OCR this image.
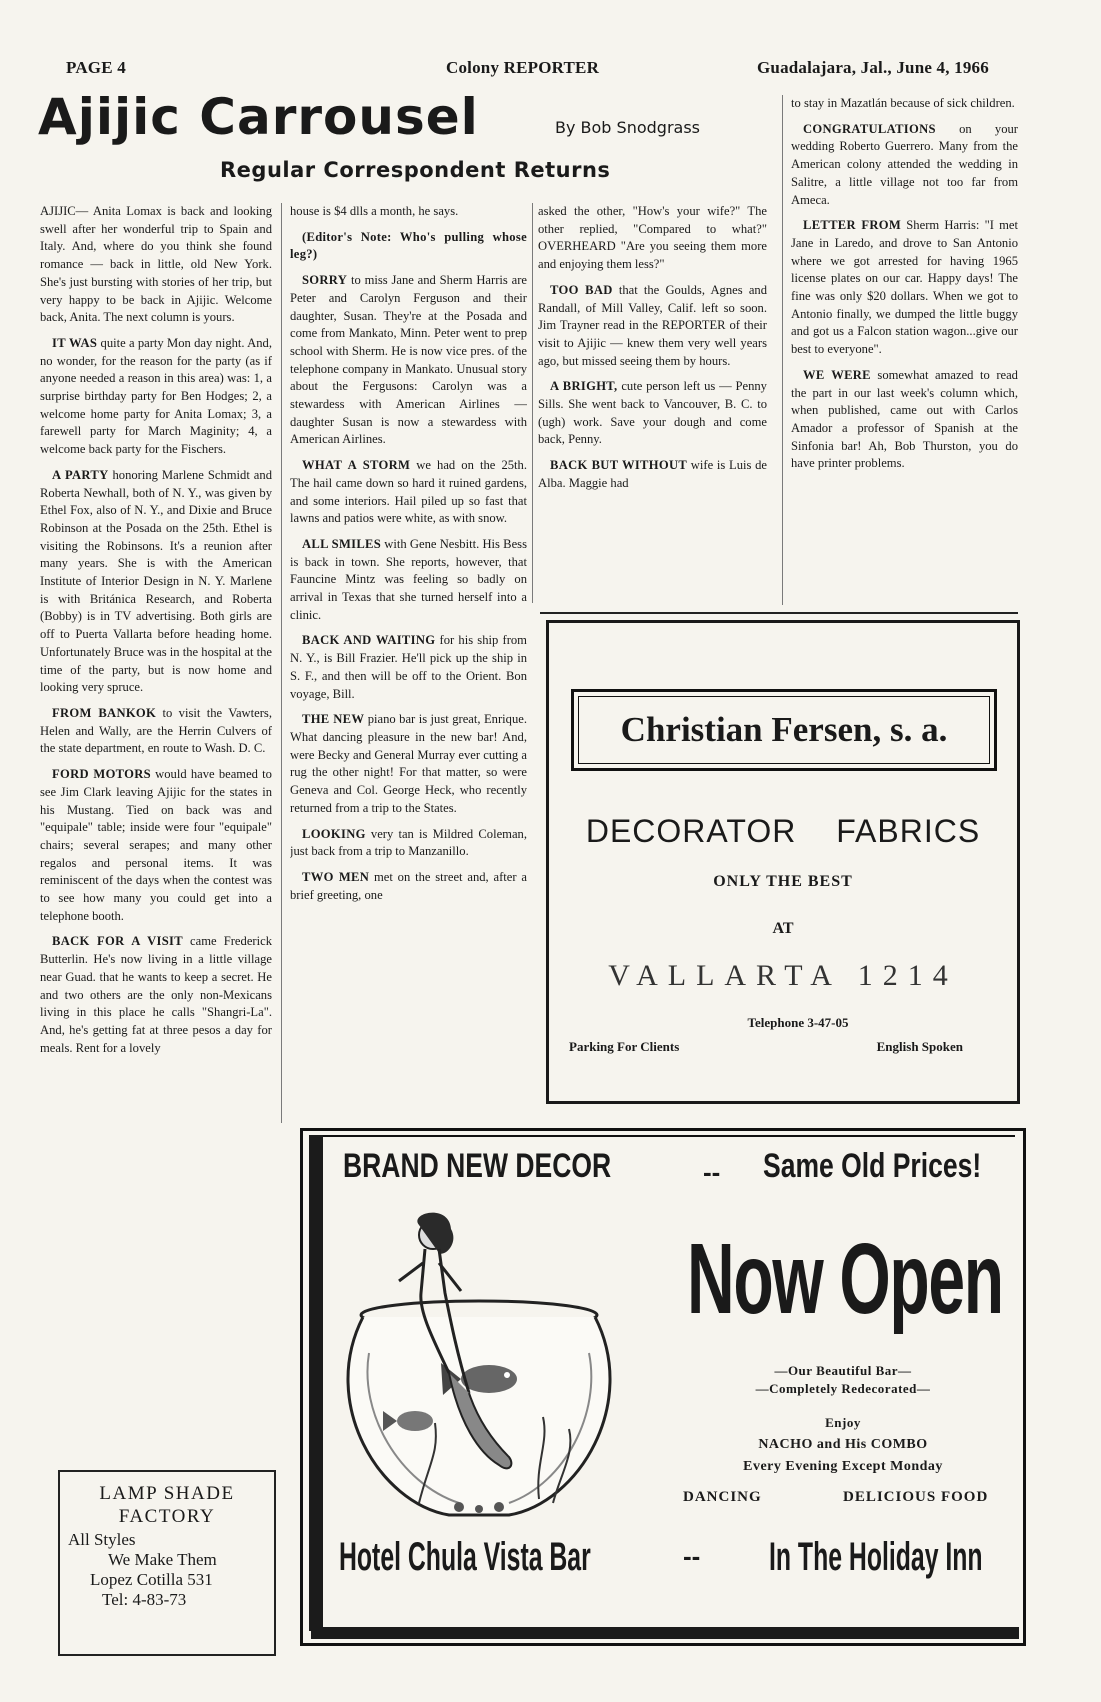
PAGE 4	Colony REPORTER	Guadalajara, Jal., June 4, 1966
Ajijic Carrousel	By Bob Snodgrass
Regular Correspondent Returns

AJIJIC— Anita Lomax is back and looking swell after her wonderful trip to Spain and Italy. And, where do you think she found romance — back in little, old New York. She's just bursting with stories of her trip, but very happy to be back in Ajijic. Welcome back, Anita. The next column is yours.

IT WAS quite a party Mon day night. And, no wonder, for the reason for the party (as if anyone needed a reason in this area) was: 1, a surprise birthday party for Ben Hodges; 2, a welcome home party for Anita Lomax; 3, a farewell party for March Maginity; 4, a welcome back party for the Fischers.

A PARTY honoring Marlene Schmidt and Roberta Newhall, both of N. Y., was given by Ethel Fox, also of N. Y., and Dixie and Bruce Robinson at the Posada on the 25th. Ethel is visiting the Robinsons. It's a reunion after many years. She is with the American Institute of Interior Design in N. Y. Marlene is with Británica Research, and Roberta (Bobby) is in TV advertising. Both girls are off to Puerta Vallarta before heading home. Unfortunately Bruce was in the hospital at the time of the party, but is now home and looking very spruce.

FROM BANKOK to visit the Vawters, Helen and Wally, are the Herrin Culvers of the state department, en route to Wash. D. C.

FORD MOTORS would have beamed to see Jim Clark leaving Ajijic for the states in his Mustang. Tied on back was and "equipale" table; inside were four "equipale" chairs; several serapes; and many other regalos and personal items. It was reminiscent of the days when the contest was to see how many you could get into a telephone booth.

BACK FOR A VISIT came Frederick Butterlin. He's now living in a little village near Guad. that he wants to keep a secret. He and two others are the only non-Mexicans living in this place he calls "Shangri-La". And, he's getting fat at three pesos a day for meals. Rent for a lovely

house is $4 dlls a month, he says.

(Editor's Note: Who's pulling whose leg?)

SORRY to miss Jane and Sherm Harris are Peter and Carolyn Ferguson and their daughter, Susan. They're at the Posada and come from Mankato, Minn. Peter went to prep school with Sherm. He is now vice pres. of the telephone company in Mankato. Unusual story about the Fergusons: Carolyn was a stewardess with American Airlines — daughter Susan is now a stewardess with American Airlines.

WHAT A STORM we had on the 25th. The hail came down so hard it ruined gardens, and some interiors. Hail piled up so fast that lawns and patios were white, as with snow.

ALL SMILES with Gene Nesbitt. His Bess is back in town. She reports, however, that Fauncine Mintz was feeling so badly on arrival in Texas that she turned herself into a clinic.

BACK AND WAITING for his ship from N. Y., is Bill Frazier. He'll pick up the ship in S. F., and then will be off to the Orient. Bon voyage, Bill.

THE NEW piano bar is just great, Enrique. What dancing pleasure in the new bar! And, were Becky and General Murray ever cutting a rug the other night! For that matter, so were Geneva and Col. George Heck, who recently returned from a trip to the States.

LOOKING very tan is Mildred Coleman, just back from a trip to Manzanillo.

TWO MEN met on the street and, after a brief greeting, one

asked the other, "How's your wife?" The other replied, "Compared to what?" OVERHEARD "Are you seeing them more and enjoying them less?"

TOO BAD that the Goulds, Agnes and Randall, of Mill Valley, Calif. left so soon. Jim Trayner read in the REPORTER of their visit to Ajijic — knew them very well years ago, but missed seeing them by hours.

A BRIGHT, cute person left us — Penny Sills. She went back to Vancouver, B. C. to (ugh) work. Save your dough and come back, Penny.

BACK BUT WITHOUT wife is Luis de Alba. Maggie had

to stay in Mazatlán because of sick children.

CONGRATULATIONS on your wedding Roberto Guerrero. Many from the American colony attended the wedding in Salitre, a little village not too far from Ameca.

LETTER FROM Sherm Harris: "I met Jane in Laredo, and drove to San Antonio where we got arrested for having 1965 license plates on our car. Happy days! The fine was only $20 dollars. When we got to Antonio finally, we dumped the little buggy and got us a Falcon station wagon...give our best to everyone".

WE WERE somewhat amazed to read the part in our last week's column which, when published, came out with Carlos Amador a professor of Spanish at the Sinfonia bar! Ah, Bob Thurston, you do have printer problems.

LAMP SHADE
FACTORY
All Styles
We Make Them
Lopez Cotilla 531
Tel: 4-83-73
Christian Fersen, s. a.
DECORATOR FABRICS
ONLY THE BEST
AT
VALLARTA 1214
Telephone 3-47-05
Parking For Clients	English Spoken
BRAND NEW DECOR	-- Same Old Prices!
Now Open
—Our Beautiful Bar—
—Completely Redecorated—
Enjoy
NACHO and His COMBO
Every Evening Except Monday
DANCING	DELICIOUS FOOD
Hotel Chula Vista Bar	-- In The Holiday Inn
